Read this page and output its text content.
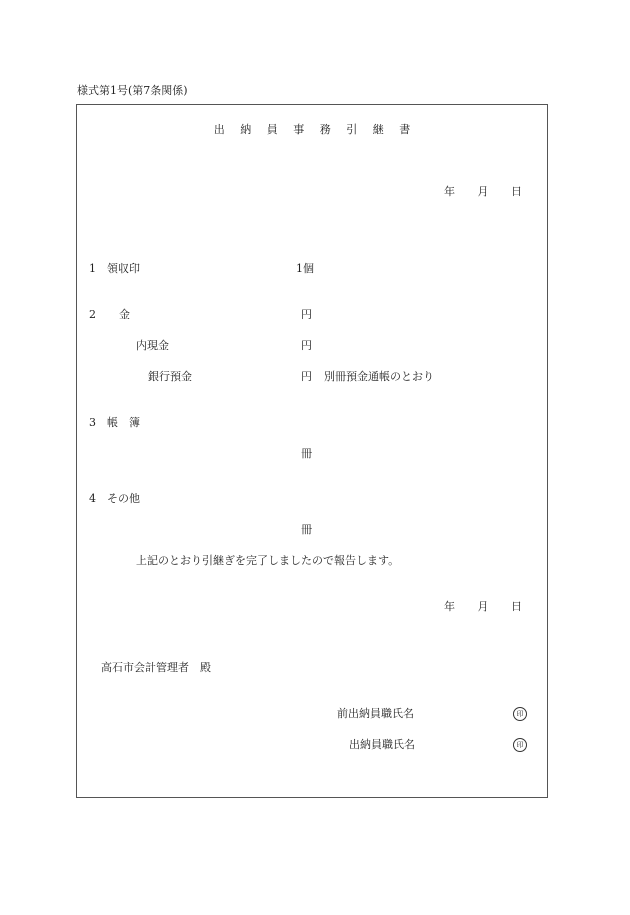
様式第1号(第7条関係)
出 納 員 事 務 引 継 書
年 月 日
1 領収印	1個
2 金	円
内現金	円
銀行預金	円 別冊預金通帳のとおり
3 帳　簿
冊
4 その他
冊
上記のとおり引継ぎを完了しましたので報告します。
年 月 日
高石市会計管理者　殿
前出納員職氏名	印
出納員職氏名	印
